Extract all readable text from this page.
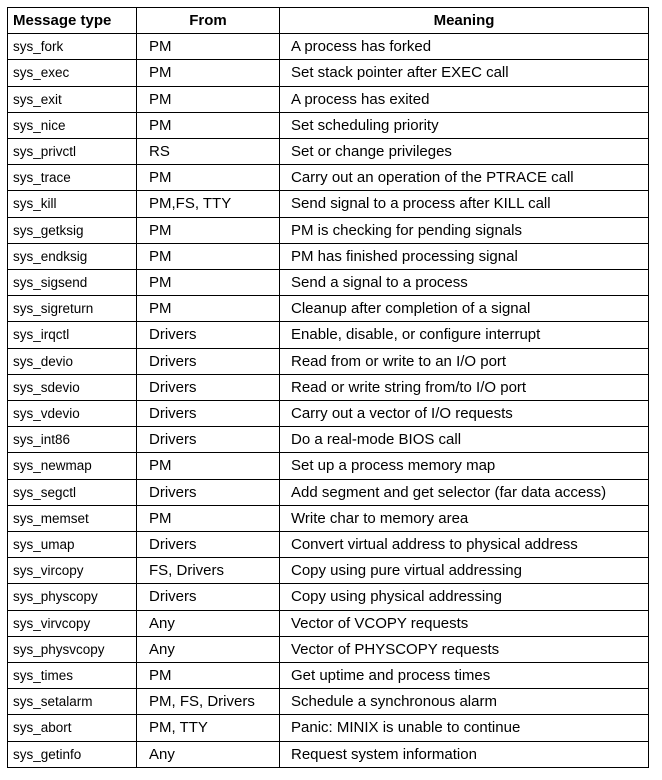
Message type	From	Meaning
sys_fork	PM	A process has forked
sys_exec	PM	Set stack pointer after EXEC call
sys_exit	PM	A process has exited
sys_nice	PM	Set scheduling priority
sys_privctl	RS	Set or change privileges
sys_trace	PM	Carry out an operation of the PTRACE call
sys_kill	PM,FS, TTY	Send signal to a process after KILL call
sys_getksig	PM	PM is checking for pending signals
sys_endksig	PM	PM has finished processing signal
sys_sigsend	PM	Send a signal to a process
sys_sigreturn	PM	Cleanup after completion of a signal
sys_irqctl	Drivers	Enable, disable, or configure interrupt
sys_devio	Drivers	Read from or write to an I/O port
sys_sdevio	Drivers	Read or write string from/to I/O port
sys_vdevio	Drivers	Carry out a vector of I/O requests
sys_int86	Drivers	Do a real-mode BIOS call
sys_newmap	PM	Set up a process memory map
sys_segctl	Drivers	Add segment and get selector (far data access)
sys_memset	PM	Write char to memory area
sys_umap	Drivers	Convert virtual address to physical address
sys_vircopy	FS, Drivers	Copy using pure virtual addressing
sys_physcopy	Drivers	Copy using physical addressing
sys_virvcopy	Any	Vector of VCOPY requests
sys_physvcopy	Any	Vector of PHYSCOPY requests
sys_times	PM	Get uptime and process times
sys_setalarm	PM, FS, Drivers	Schedule a synchronous alarm
sys_abort	PM, TTY	Panic: MINIX is unable to continue
sys_getinfo	Any	Request system information
